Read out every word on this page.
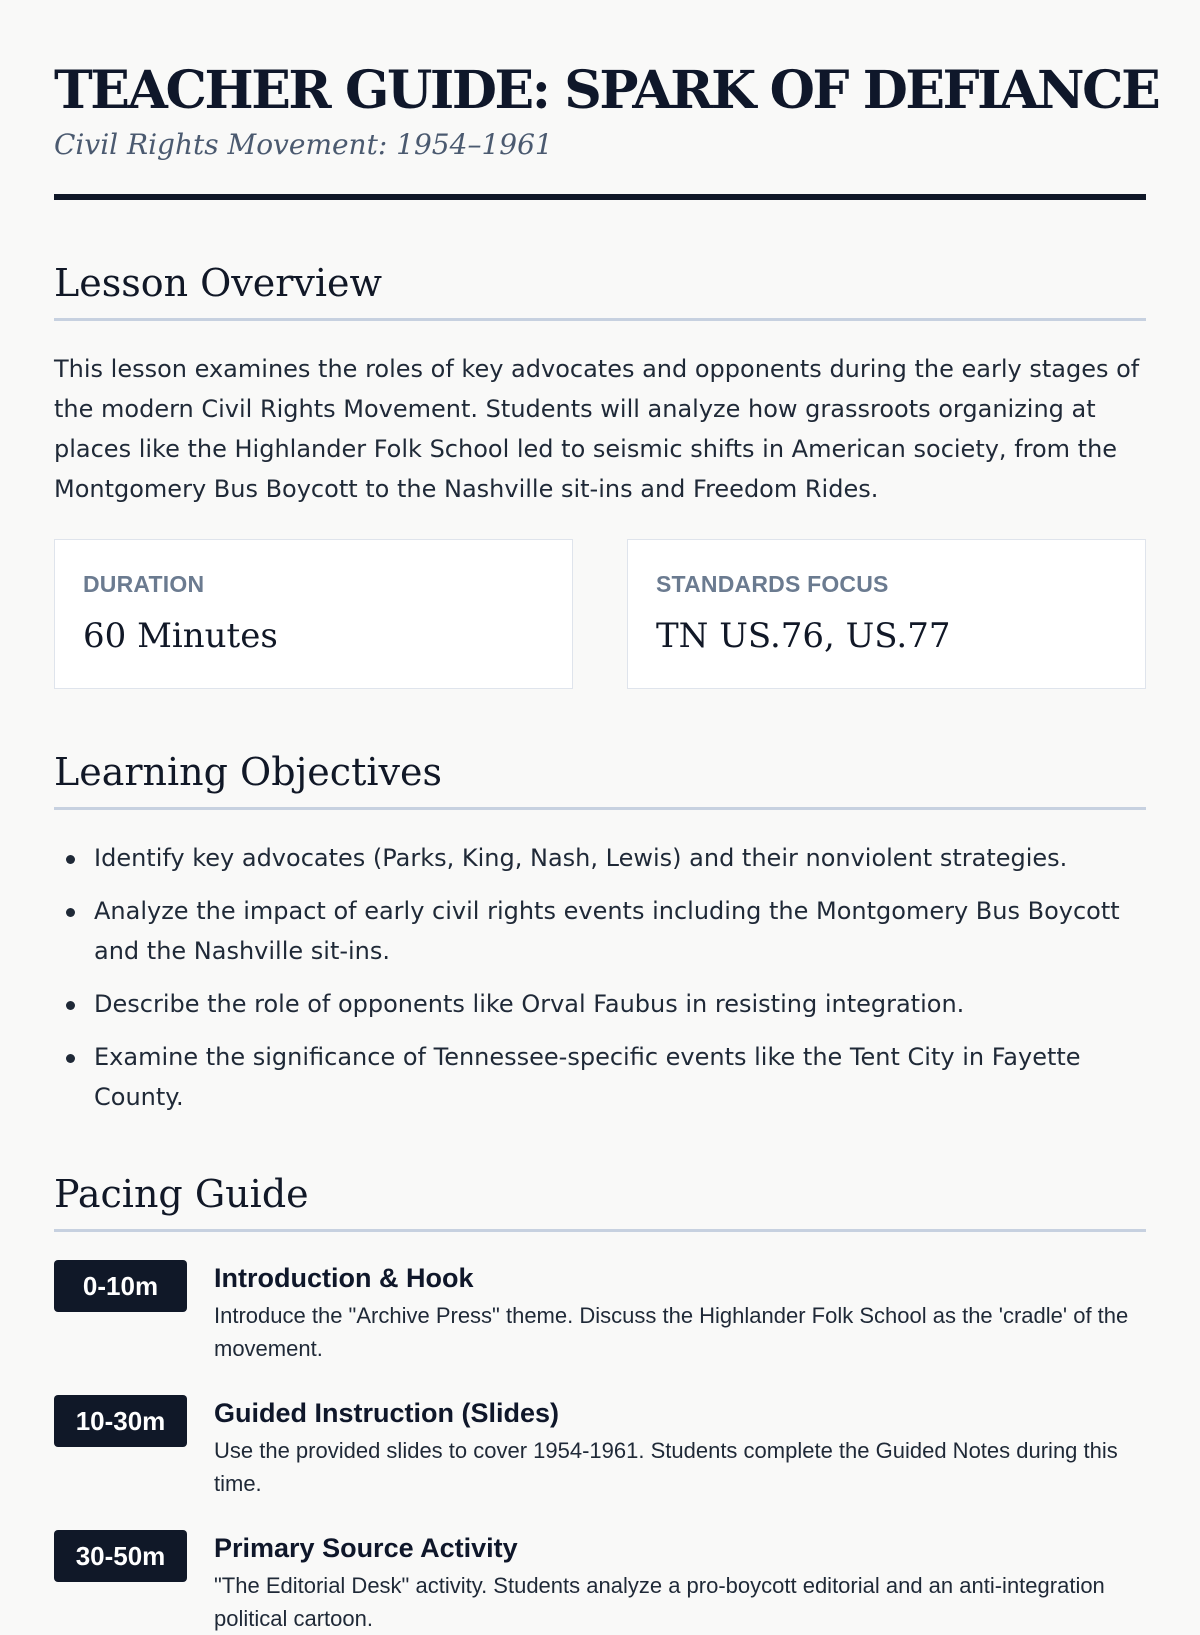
TEACHER GUIDE: SPARK OF DEFIANCE
Civil Rights Movement: 1954–1961
Lesson Overview

This lesson examines the roles of key advocates and opponents during the early stages of the modern Civil Rights Movement. Students will analyze how grassroots organizing at places like the Highlander Folk School led to seismic shifts in American society, from the Montgomery Bus Boycott to the Nashville sit-ins and Freedom Rides.

DURATION
60 Minutes
STANDARDS FOCUS
TN US.76, US.77
Learning Objectives
Identify key advocates (Parks, King, Nash, Lewis) and their nonviolent strategies.
Analyze the impact of early civil rights events including the Montgomery Bus Boycott and the Nashville sit-ins.
Describe the role of opponents like Orval Faubus in resisting integration.
Examine the significance of Tennessee-specific events like the Tent City in Fayette County.
Pacing Guide
0-10m	Introduction & Hook
Introduce the "Archive Press" theme. Discuss the Highlander Folk School as the 'cradle' of the movement.
10-30m	Guided Instruction (Slides)
Use the provided slides to cover 1954-1961. Students complete the Guided Notes during this time.
30-50m	Primary Source Activity
"The Editorial Desk" activity. Students analyze a pro-boycott editorial and an anti-integration political cartoon.
